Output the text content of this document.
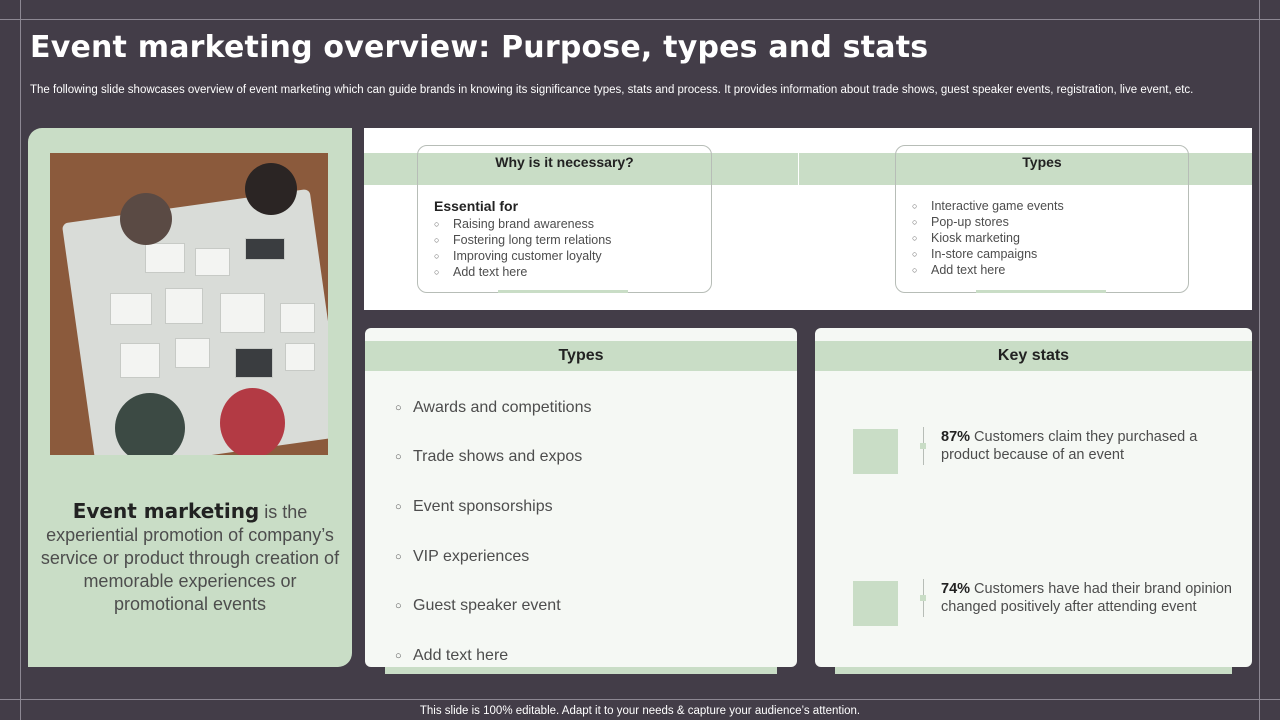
Event marketing overview: Purpose, types and stats
The following slide showcases overview of event marketing which can guide brands in knowing its significance types, stats and process. It provides information about trade shows, guest speaker events, registration, live event, etc.
Event marketing is the experiential promotion of company’s service or product through creation of memorable experiences or promotional events
Why is it necessary?
Essential for
○	Raising brand awareness
○	Fostering long term relations
○	Improving customer loyalty
○	Add text here
Types
○	Interactive game events
○	Pop-up stores
○	Kiosk marketing
○	In-store campaigns
○	Add text here
Types
○ Awards and competitions
○ Trade shows and expos
○ Event sponsorships
○ VIP experiences
○ Guest speaker event
○ Add text here
Key stats
87% Customers claim they purchased a product because of an event
74% Customers have had their brand opinion changed positively after attending event
This slide is 100% editable. Adapt it to your needs & capture your audience’s attention.
